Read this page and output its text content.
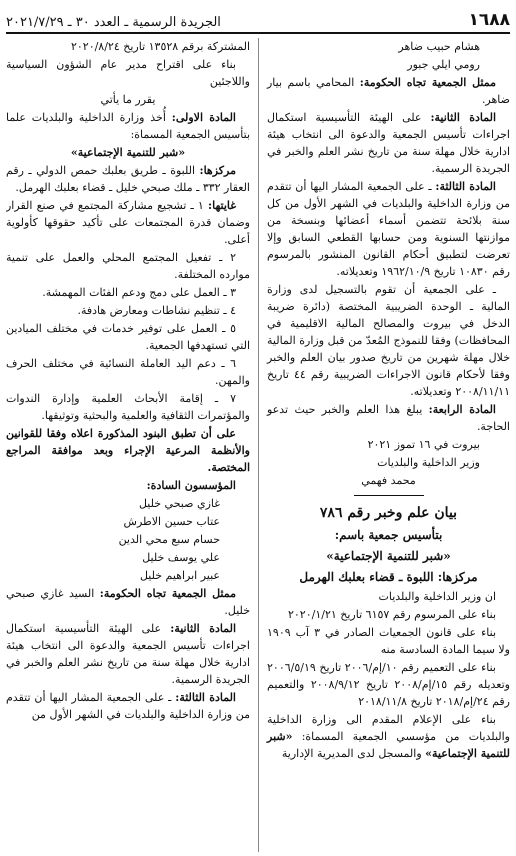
١٦٨٨
الجريدة الرسمية ـ العدد ٣٠ ـ ٢٠٢١/٧/٢٩

هشام حبيب ضاهر

رومي ايلي جبور

ممثل الجمعية تجاه الحكومة: المحامي باسم بيار ضاهر.

المادة الثانية: على الهيئة التأسيسية استكمال اجراءات تأسيس الجمعية والدعوة الى انتخاب هيئة ادارية خلال مهلة سنة من تاريخ نشر العلم والخبر في الجريدة الرسمية.

المادة الثالثة: ـ على الجمعية المشار اليها أن تتقدم من وزارة الداخلية والبلديات في الشهر الأول من كل سنة بلائحة تتضمن أسماء أعضائها وبنسخة من موازنتها السنوية ومن حسابها القطعي السابق وإلا تعرضت لتطبيق أحكام القانون المنشور بالمرسوم رقم ١٠٨٣٠ تاريخ ١٩٦٢/١٠/٩ وتعديلاته.

ـ على الجمعية أن تقوم بالتسجيل لدى وزارة المالية ـ الوحدة الضريبية المختصة (دائرة ضريبة الدخل في بيروت والمصالح المالية الاقليمية في المحافظات) وفقا للنموذج المُعدّ من قبل وزارة المالية خلال مهلة شهرين من تاريخ صدور بيان العلم والخبر وفقا لأحكام قانون الاجراءات الضريبية رقم ٤٤ تاريخ ٢٠٠٨/١١/١١ وتعديلاته.

المادة الرابعة: يبلغ هذا العلم والخبر حيث تدعو الحاجة.

بيروت في ١٦ تموز ٢٠٢١

وزير الداخلية والبلديات

محمد فهمي

بيان علم وخبر رقم ٧٨٦

بتأسيس جمعية باسم:

«شبر للتنمية الإجتماعية»

مركزها: اللبوة ـ قضاء بعلبك الهرمل

ان وزير الداخلية والبلديات

بناء على المرسوم رقم ٦١٥٧ تاريخ ٢٠٢٠/١/٢١

بناء على قانون الجمعيات الصادر في ٣ آب ١٩٠٩ ولا سيما المادة السادسة منه

بناء على التعميم رقم ١٠/إم/٢٠٠٦ تاريخ ٢٠٠٦/٥/١٩ وتعديله رقم ١٥/إم/٢٠٠٨ تاريخ ٢٠٠٨/٩/١٢ والتعميم رقم ٢٤/إم/٢٠١٨ تاريخ ٢٠١٨/١١/٨

بناء على الإعلام المقدم الى وزارة الداخلية والبلديات من مؤسسي الجمعية المسماة: «شبر للتنمية الإجتماعية» والمسجل لدى المديرية الإدارية

المشتركة برقم ١٣٥٢٨ تاريخ ٢٠٢٠/٨/٢٤

بناء على اقتراح مدير عام الشؤون السياسية واللاجئين

يقرر ما يأتي

المادة الاولى: أُخذ وزارة الداخلية والبلديات علما بتأسيس الجمعية المسماة:

«شبر للتنمية الإجتماعية»

مركزها: اللبوة ـ طريق بعلبك حمص الدولي ـ رقم العقار ٣٣٢ ـ ملك صبحي خليل ـ قضاء بعلبك الهرمل.

غايتها: ١ ـ تشجيع مشاركة المجتمع في صنع القرار وضمان قدرة المجتمعات على تأكيد حقوقها كأولوية أعلى.

٢ ـ تفعيل المجتمع المحلي والعمل على تنمية موارده المختلفة.

٣ ـ العمل على دمج ودعم الفئات المهمشة.

٤ ـ تنظيم نشاطات ومعارض هادفة.

٥ ـ العمل على توفير خدمات في مختلف الميادين التي تستهدفها الجمعية.

٦ ـ دعم اليد العاملة النسائية في مختلف الحرف والمهن.

٧ ـ إقامة الأبحاث العلمية وإدارة الندوات والمؤتمرات الثقافية والعلمية والبحثية وتوثيقها.

على أن تطبق البنود المذكورة اعلاه وفقا للقوانين والأنظمة المرعية الإجراء وبعد موافقة المراجع المختصة.

المؤسسون السادة:

غازي صبحي خليل

عتاب حسين الاطرش

حسام سبع محي الدين

علي يوسف خليل

عبير ابراهيم خليل

ممثل الجمعية تجاه الحكومة: السيد غازي صبحي خليل.

المادة الثانية: على الهيئة التأسيسية استكمال اجراءات تأسيس الجمعية والدعوة الى انتخاب هيئة ادارية خلال مهلة سنة من تاريخ نشر العلم والخبر في الجريدة الرسمية.

المادة الثالثة: ـ على الجمعية المشار اليها أن تتقدم من وزارة الداخلية والبلديات في الشهر الأول من
